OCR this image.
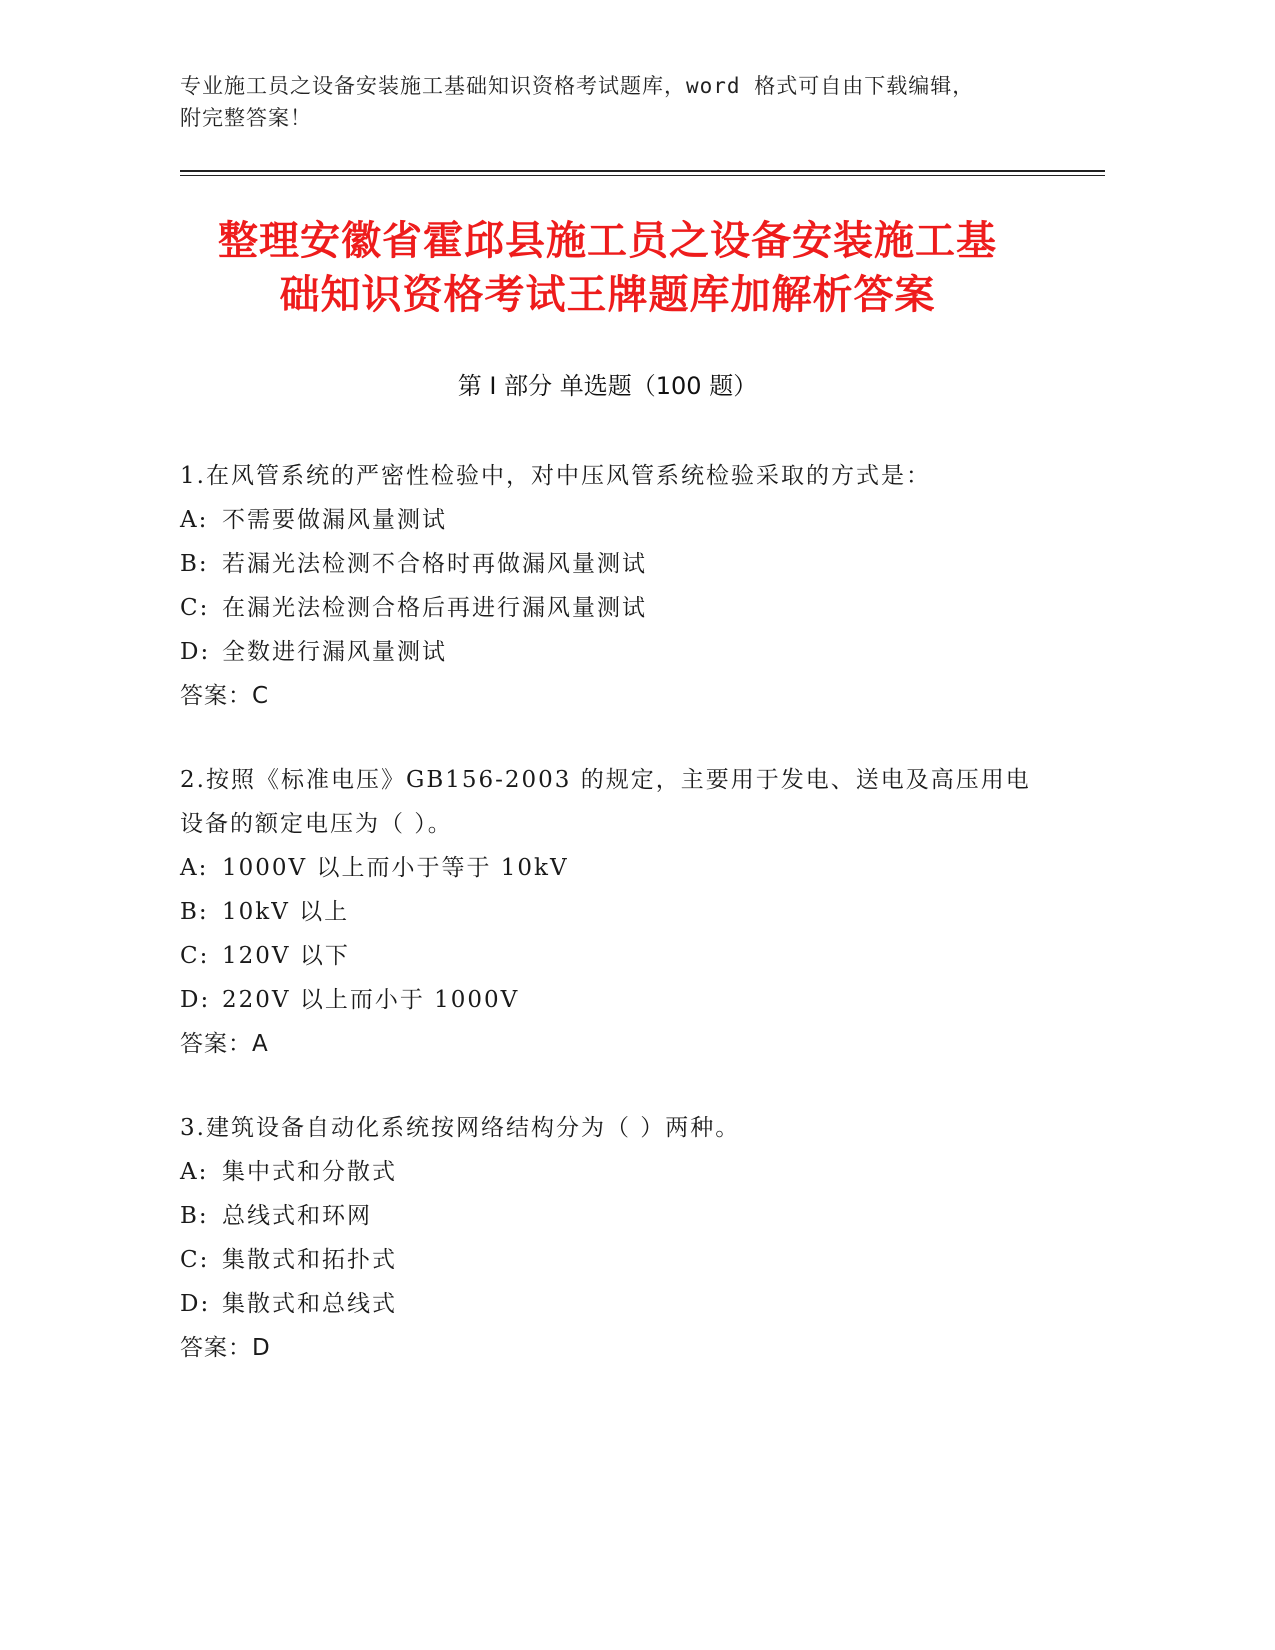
专业施工员之设备安装施工基础知识资格考试题库，word 格式可自由下载编辑，
附完整答案！
整理安徽省霍邱县施工员之设备安装施工基
础知识资格考试王牌题库加解析答案
第 I 部分 单选题（100 题）

1.在风管系统的严密性检验中，对中压风管系统检验采取的方式是：

A: 不需要做漏风量测试

B: 若漏光法检测不合格时再做漏风量测试

C: 在漏光法检测合格后再进行漏风量测试

D: 全数进行漏风量测试

答案：C

2.按照《标准电压》GB156-2003 的规定，主要用于发电、送电及高压用电设备的额定电压为（ ）。

A: 1000V 以上而小于等于 10kV

B: 10kV 以上

C: 120V 以下

D: 220V 以上而小于 1000V

答案：A

3.建筑设备自动化系统按网络结构分为（ ）两种。

A: 集中式和分散式

B: 总线式和环网

C: 集散式和拓扑式

D: 集散式和总线式

答案：D
